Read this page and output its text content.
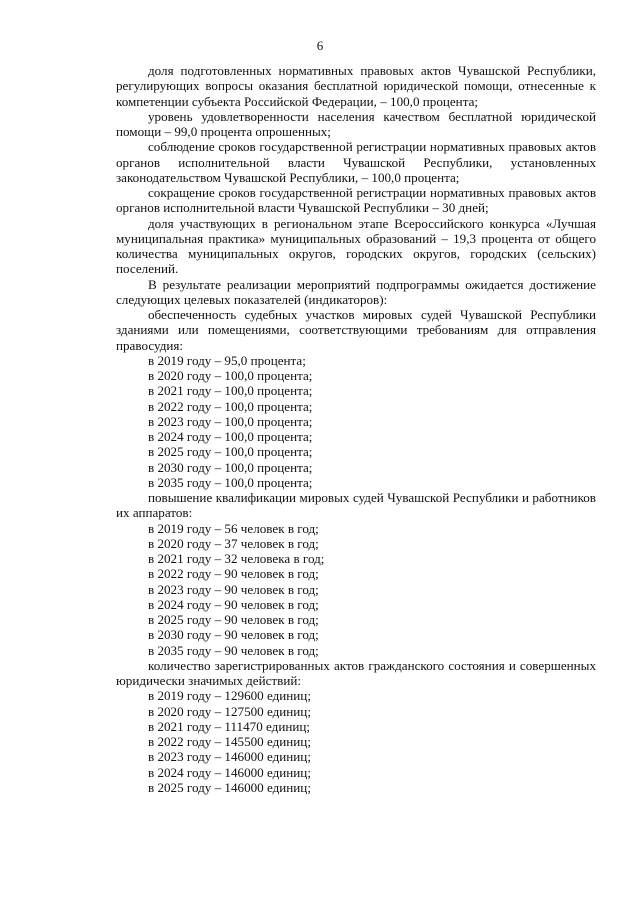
6

доля подготовленных нормативных правовых актов Чувашской Республики, регулирующих вопросы оказания бесплатной юридической помощи, отнесенные к компетенции субъекта Российской Федерации, – 100,0 процента;

уровень удовлетворенности населения качеством бесплатной юридической помощи – 99,0 процента опрошенных;

соблюдение сроков государственной регистрации нормативных правовых актов органов исполнительной власти Чувашской Республики, установленных законодательством Чувашской Республики, – 100,0 процента;

сокращение сроков государственной регистрации нормативных правовых актов органов исполнительной власти Чувашской Республики – 30 дней;

доля участвующих в региональном этапе Всероссийского конкурса «Лучшая муниципальная практика» муниципальных образований – 19,3 процента от общего количества муниципальных округов, городских округов, городских (сельских) поселений.

В результате реализации мероприятий подпрограммы ожидается достижение следующих целевых показателей (индикаторов):

обеспеченность судебных участков мировых судей Чувашской Республики зданиями или помещениями, соответствующими требованиям для отправления правосудия:

в 2019 году – 95,0 процента;

в 2020 году – 100,0 процента;

в 2021 году – 100,0 процента;

в 2022 году – 100,0 процента;

в 2023 году – 100,0 процента;

в 2024 году – 100,0 процента;

в 2025 году – 100,0 процента;

в 2030 году – 100,0 процента;

в 2035 году – 100,0 процента;

повышение квалификации мировых судей Чувашской Республики и работников их аппаратов:

в 2019 году – 56 человек в год;

в 2020 году – 37 человек в год;

в 2021 году – 32 человека в год;

в 2022 году – 90 человек в год;

в 2023 году – 90 человек в год;

в 2024 году – 90 человек в год;

в 2025 году – 90 человек в год;

в 2030 году – 90 человек в год;

в 2035 году – 90 человек в год;

количество зарегистрированных актов гражданского состояния и совершенных юридически значимых действий:

в 2019 году – 129600 единиц;

в 2020 году – 127500 единиц;

в 2021 году – 111470 единиц;

в 2022 году – 145500 единиц;

в 2023 году – 146000 единиц;

в 2024 году – 146000 единиц;

в 2025 году – 146000 единиц;
